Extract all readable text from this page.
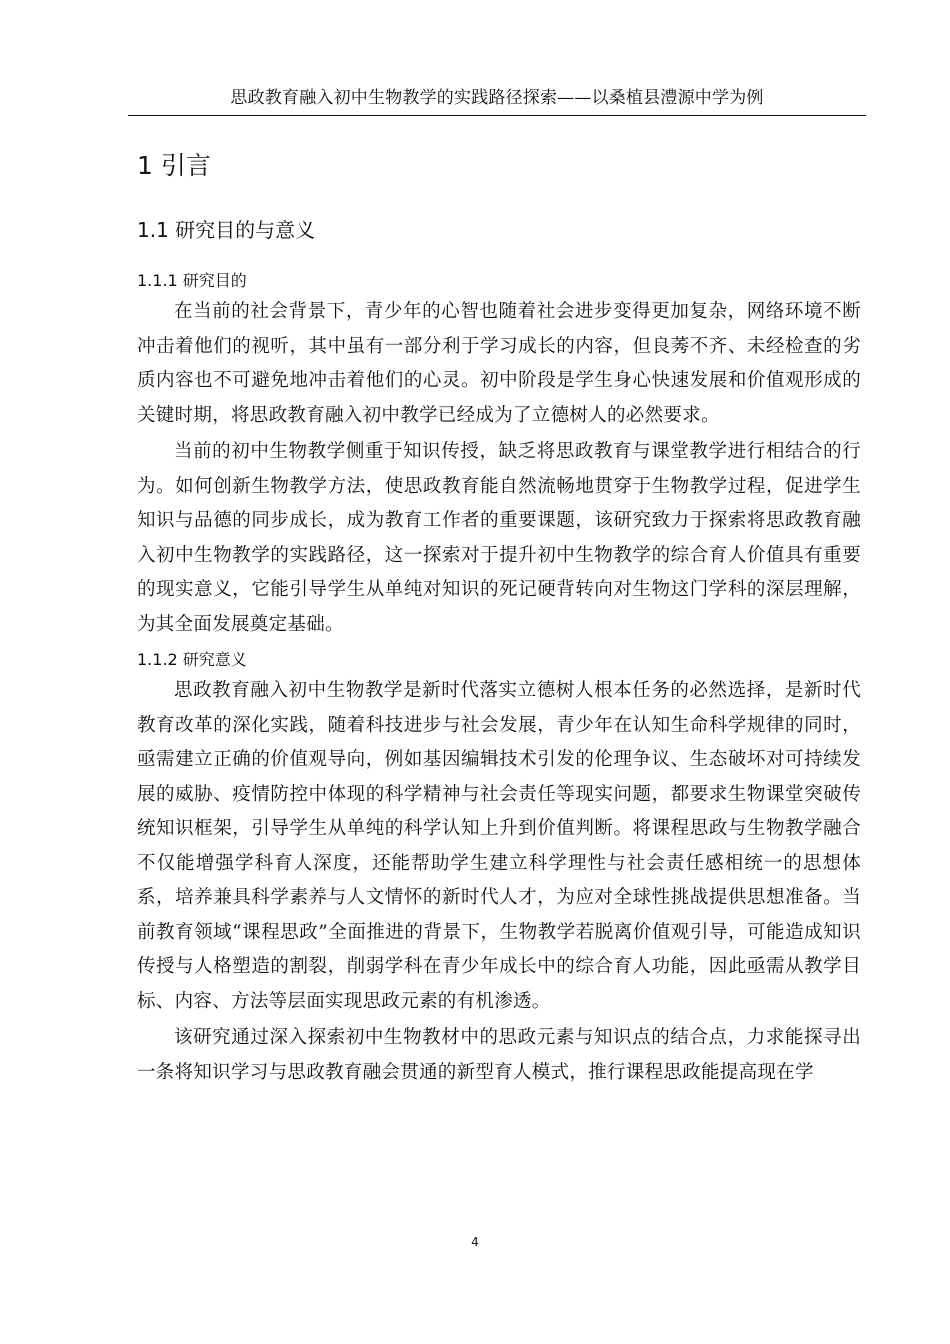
思政教育融入初中生物教学的实践路径探索——以桑植县澧源中学为例
1 引言
1.1 研究目的与意义
1.1.1 研究目的

在当前的社会背景下，青少年的心智也随着社会进步变得更加复杂，网络环境不断冲击着他们的视听，其中虽有一部分利于学习成长的内容，但良莠不齐、未经检查的劣质内容也不可避免地冲击着他们的心灵。初中阶段是学生身心快速发展和价值观形成的关键时期，将思政教育融入初中教学已经成为了立德树人的必然要求。

当前的初中生物教学侧重于知识传授，缺乏将思政教育与课堂教学进行相结合的行为。如何创新生物教学方法，使思政教育能自然流畅地贯穿于生物教学过程，促进学生知识与品德的同步成长，成为教育工作者的重要课题，该研究致力于探索将思政教育融入初中生物教学的实践路径，这一探索对于提升初中生物教学的综合育人价值具有重要的现实意义，它能引导学生从单纯对知识的死记硬背转向对生物这门学科的深层理解，为其全面发展奠定基础。

1.1.2 研究意义

思政教育融入初中生物教学是新时代落实立德树人根本任务的必然选择，是新时代教育改革的深化实践，随着科技进步与社会发展，青少年在认知生命科学规律的同时，亟需建立正确的价值观导向，例如基因编辑技术引发的伦理争议、生态破坏对可持续发展的威胁、疫情防控中体现的科学精神与社会责任等现实问题，都要求生物课堂突破传统知识框架，引导学生从单纯的科学认知上升到价值判断。将课程思政与生物教学融合不仅能增强学科育人深度，还能帮助学生建立科学理性与社会责任感相统一的思想体系，培养兼具科学素养与人文情怀的新时代人才，为应对全球性挑战提供思想准备。当前教育领域“课程思政”全面推进的背景下，生物教学若脱离价值观引导，可能造成知识传授与人格塑造的割裂，削弱学科在青少年成长中的综合育人功能，因此亟需从教学目标、内容、方法等层面实现思政元素的有机渗透。

该研究通过深入探索初中生物教材中的思政元素与知识点的结合点，力求能探寻出一条将知识学习与思政教育融会贯通的新型育人模式，推行课程思政能提高现在学

4
